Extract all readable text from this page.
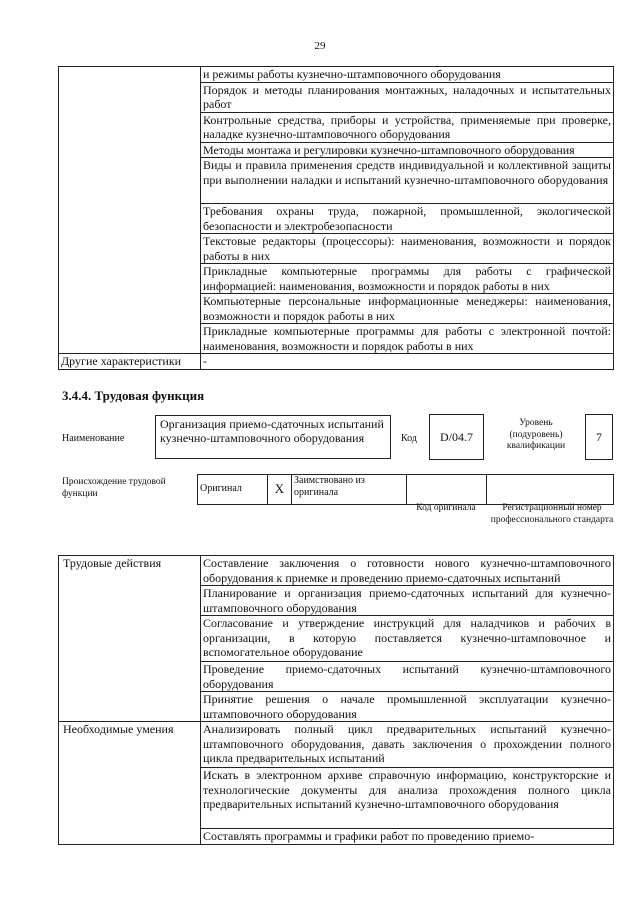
29
	и режимы работы кузнечно-штамповочного оборудования
	Порядок и методы планирования монтажных, наладочных и испытательных работ
	Контрольные средства, приборы и устройства, применяемые при проверке, наладке кузнечно-штамповочного оборудования
	Методы монтажа и регулировки кузнечно-штамповочного оборудования
	Виды и правила применения средств индивидуальной и коллективной защиты при выполнении наладки и испытаний кузнечно-штамповочного оборудования
	Требования охраны труда, пожарной, промышленной, экологической безопасности и электробезопасности
	Текстовые редакторы (процессоры): наименования, возможности и порядок работы в них
	Прикладные компьютерные программы для работы с графической информацией: наименования, возможности и порядок работы в них
	Компьютерные персональные информационные менеджеры: наименования, возможности и порядок работы в них
	Прикладные компьютерные программы для работы с электронной почтой: наименования, возможности и порядок работы в них
Другие характеристики	-
3.4.4. Трудовая функция
Наименование
Организация приемо-сдаточных испытаний кузнечно-штамповочного оборудования	Код	D/04.7
Уровень (подуровень) квалификации
7
Происхождение трудовой функции	Оригинал	X	Заимствовано из оригинала		
Код оригинала	Регистрационный номер профессионального стандарта
Трудовые действия	Составление заключения о готовности нового кузнечно-штамповочного оборудования к приемке и проведению приемо-сдаточных испытаний
	Планирование и организация приемо-сдаточных испытаний для кузнечно-штамповочного оборудования
	Согласование и утверждение инструкций для наладчиков и рабочих в организации, в которую поставляется кузнечно-штамповочное и вспомогательное оборудование
	Проведение приемо-сдаточных испытаний кузнечно-штамповочного оборудования
	Принятие решения о начале промышленной эксплуатации кузнечно-штамповочного оборудования
Необходимые умения	Анализировать полный цикл предварительных испытаний кузнечно-штамповочного оборудования, давать заключения о прохождении полного цикла предварительных испытаний
	Искать в электронном архиве справочную информацию, конструкторские и технологические документы для анализа прохождения полного цикла предварительных испытаний кузнечно-штамповочного оборудования
	Составлять программы и графики работ по проведению приемо-
